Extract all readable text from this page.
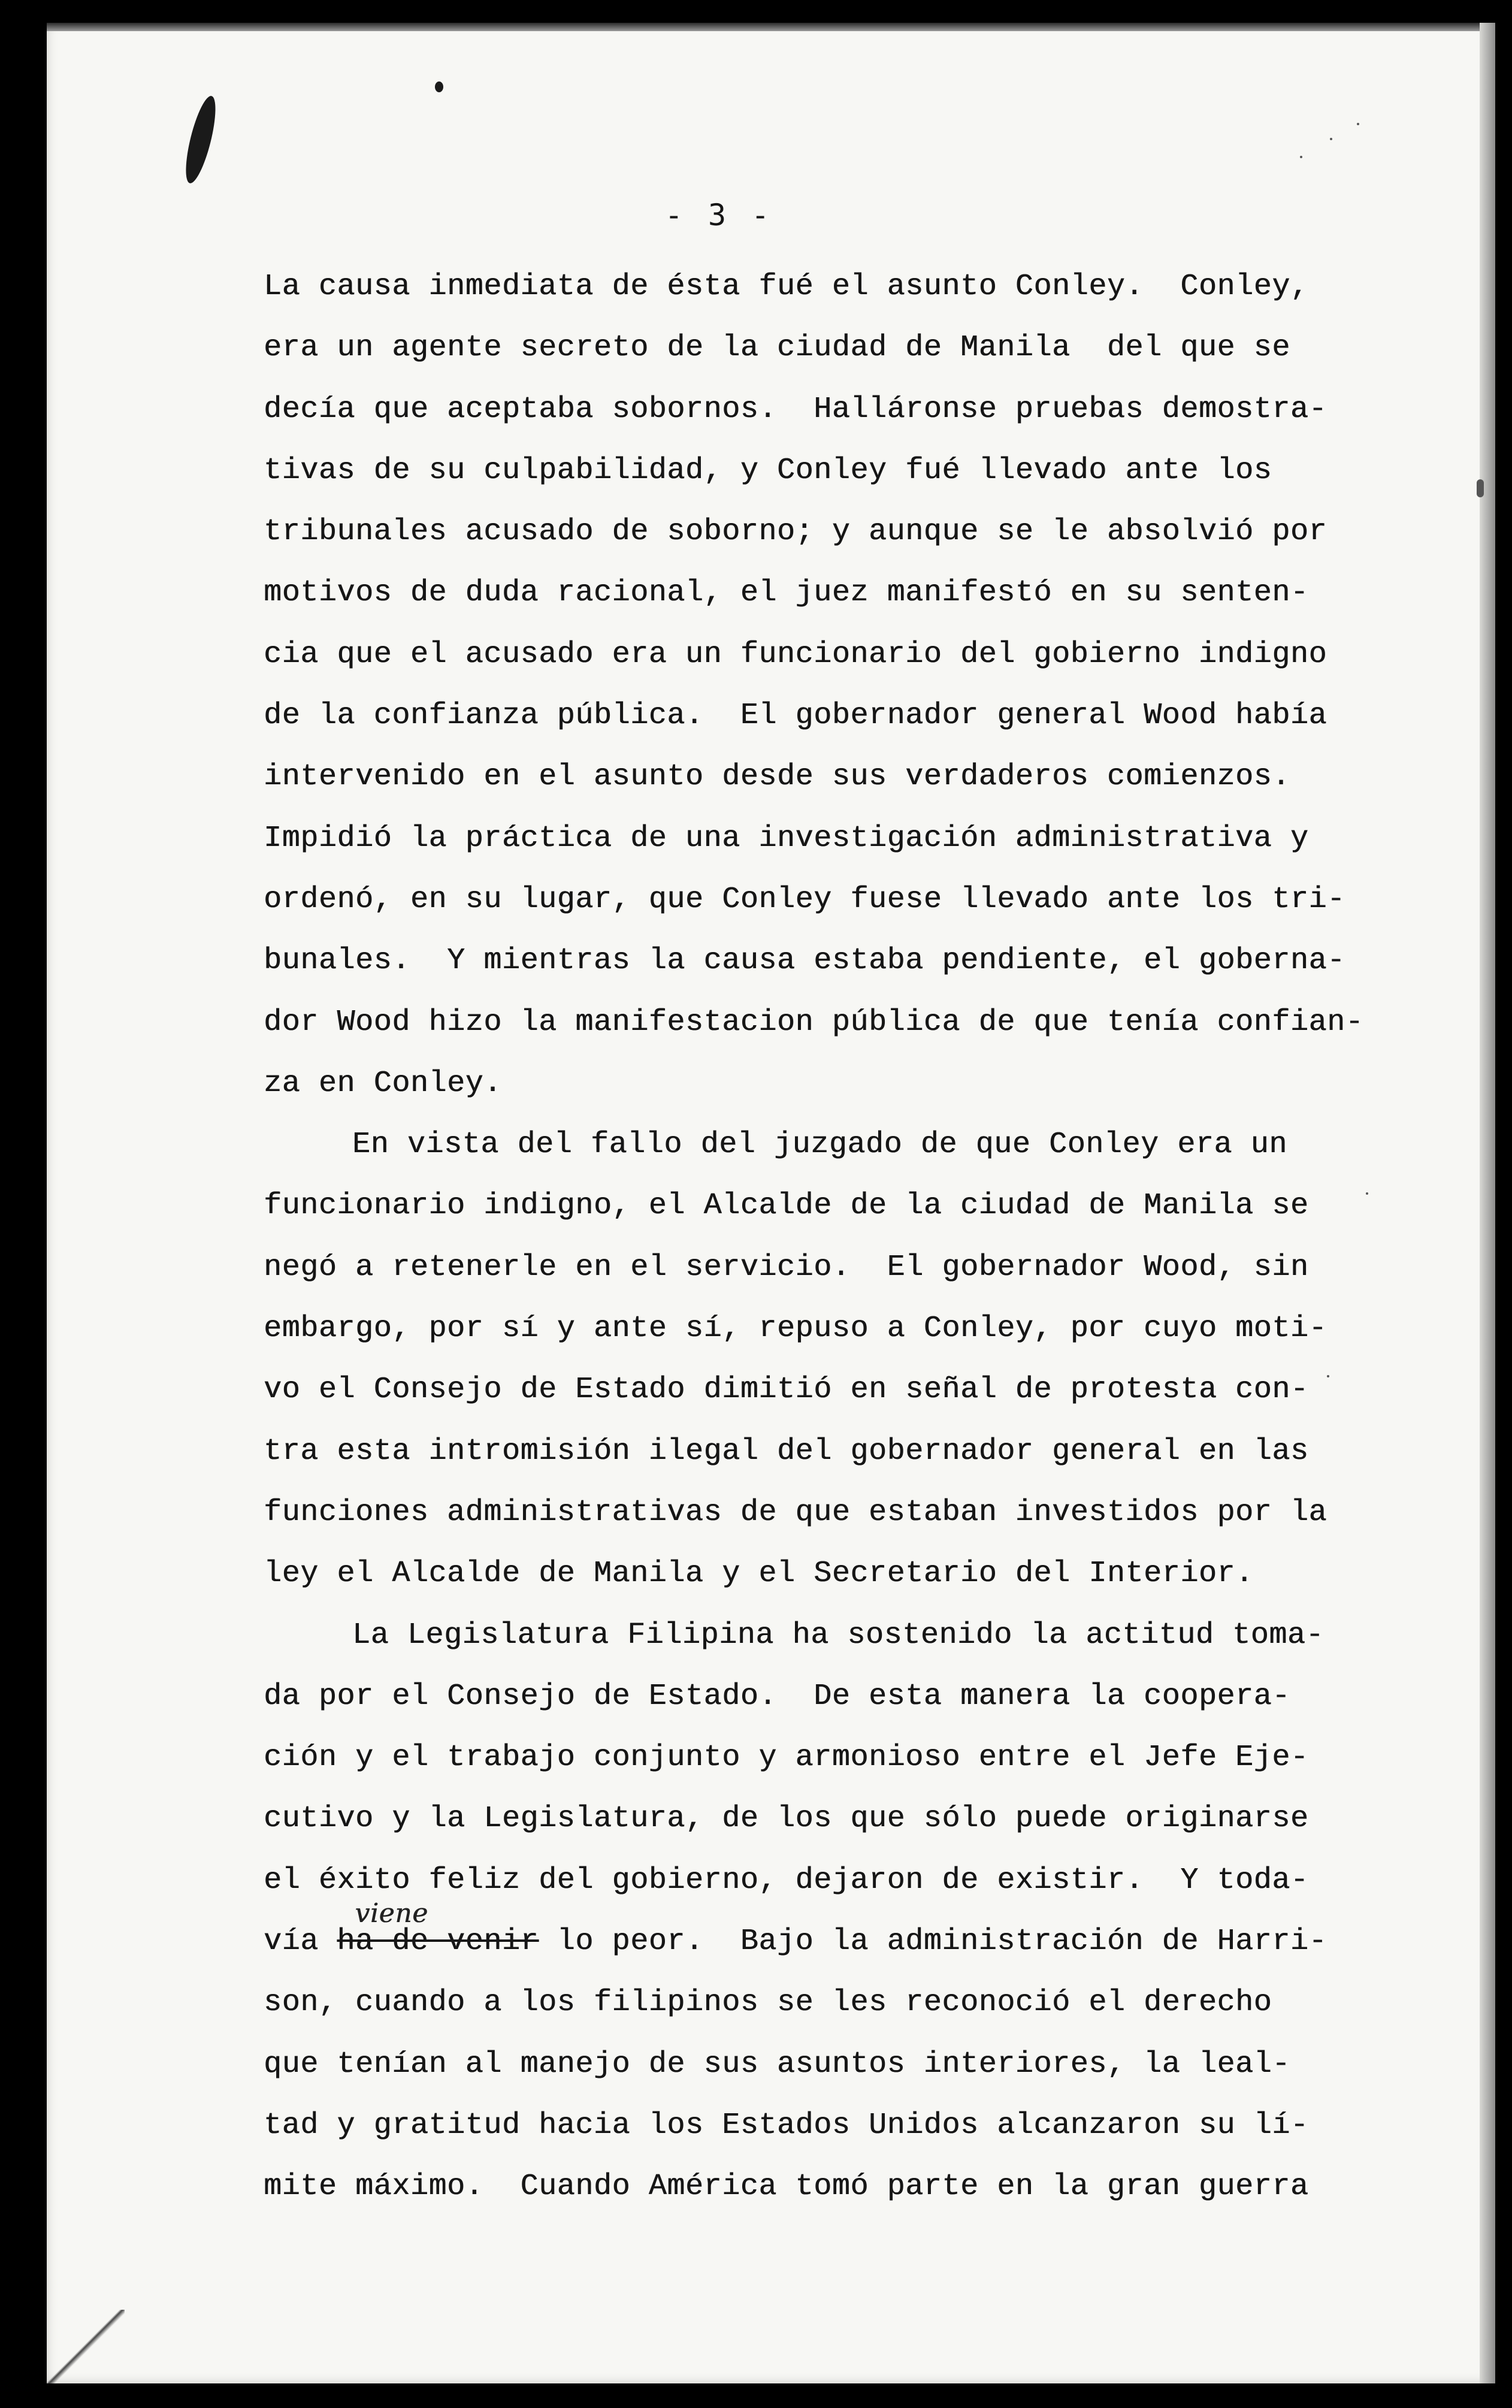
- 3 -
La causa inmediata de ésta fué el asunto Conley.  Conley,
era un agente secreto de la ciudad de Manila  del que se
decía que aceptaba sobornos.  Halláronse pruebas demostra-
tivas de su culpabilidad, y Conley fué llevado ante los
tribunales acusado de soborno; y aunque se le absolvió por
motivos de duda racional, el juez manifestó en su senten-
cia que el acusado era un funcionario del gobierno indigno
de la confianza pública.  El gobernador general Wood había
intervenido en el asunto desde sus verdaderos comienzos.
Impidió la práctica de una investigación administrativa y
ordenó, en su lugar, que Conley fuese llevado ante los tri-
bunales.  Y mientras la causa estaba pendiente, el goberna-
dor Wood hizo la manifestacion pública de que tenía confian-
za en Conley.
En vista del fallo del juzgado de que Conley era un
funcionario indigno, el Alcalde de la ciudad de Manila se
negó a retenerle en el servicio.  El gobernador Wood, sin
embargo, por sí y ante sí, repuso a Conley, por cuyo moti-
vo el Consejo de Estado dimitió en señal de protesta con-
tra esta intromisión ilegal del gobernador general en las
funciones administrativas de que estaban investidos por la
ley el Alcalde de Manila y el Secretario del Interior.
La Legislatura Filipina ha sostenido la actitud toma-
da por el Consejo de Estado.  De esta manera la coopera-
ción y el trabajo conjunto y armonioso entre el Jefe Eje-
cutivo y la Legislatura, de los que sólo puede originarse
el éxito feliz del gobierno, dejaron de existir.  Y toda-
vía ha de venir
viene
lo peor.  Bajo la administración de Harri-
son, cuando a los filipinos se les reconoció el derecho
que tenían al manejo de sus asuntos interiores, la leal-
tad y gratitud hacia los Estados Unidos alcanzaron su lí-
mite máximo.  Cuando América tomó parte en la gran guerra
